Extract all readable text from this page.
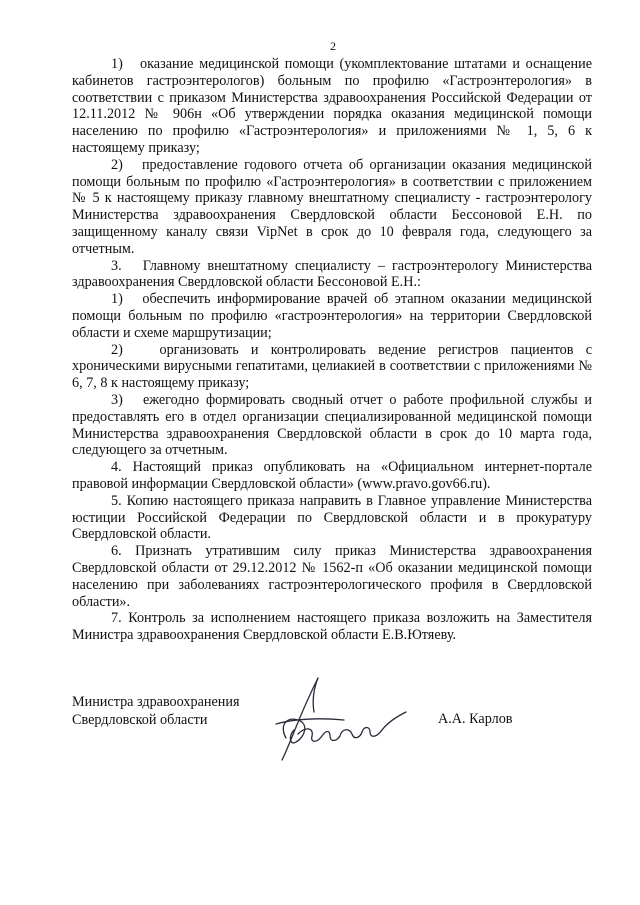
2

1)   оказание медицинской помощи (укомплектование штатами и оснащение кабинетов гастроэнтерологов) больным по профилю «Гастроэнтерология» в соответствии с приказом Министерства здравоохранения Российской Федерации от 12.11.2012 № 906н «Об утверждении порядка оказания медицинской помощи населению по профилю «Гастроэнтерология» и приложениями № 1, 5, 6 к настоящему приказу;

2)   предоставление годового отчета об организации оказания медицинской помощи больным по профилю «Гастроэнтерология» в соответствии с приложением № 5 к настоящему приказу главному внештатному специалисту - гастроэнтерологу Министерства здравоохранения Свердловской области Бессоновой Е.Н. по защищенному каналу связи VipNet в срок до 10 февраля года, следующего за отчетным.

3.   Главному внештатному специалисту – гастроэнтерологу Министерства здравоохранения Свердловской области Бессоновой Е.Н.:

1)   обеспечить информирование врачей об этапном оказании медицинской помощи больным по профилю «гастроэнтерология» на территории Свердловской области и схеме маршрутизации;

2)   организовать и контролировать ведение регистров пациентов с хроническими вирусными гепатитами, целиакией в соответствии с приложениями № 6, 7, 8 к настоящему приказу;

3)   ежегодно формировать сводный отчет о работе профильной службы и предоставлять его в отдел организации специализированной медицинской помощи Министерства здравоохранения Свердловской области в срок до 10 марта года, следующего за отчетным.

4. Настоящий приказ опубликовать на «Официальном интернет-портале правовой информации Свердловской области» (www.pravo.gov66.ru).

5. Копию настоящего приказа направить в Главное управление Министерства юстиции Российской Федерации по Свердловской области и в прокуратуру Свердловской области.

6. Признать утратившим силу приказ Министерства здравоохранения Свердловской области от 29.12.2012 № 1562-п «Об оказании медицинской помощи населению при заболеваниях гастроэнтерологического профиля в Свердловской области».

7. Контроль за исполнением настоящего приказа возложить на Заместителя Министра здравоохранения Свердловской области Е.В.Ютяеву.

Министра здравоохранения
Свердловской области	А.А. Карлов
